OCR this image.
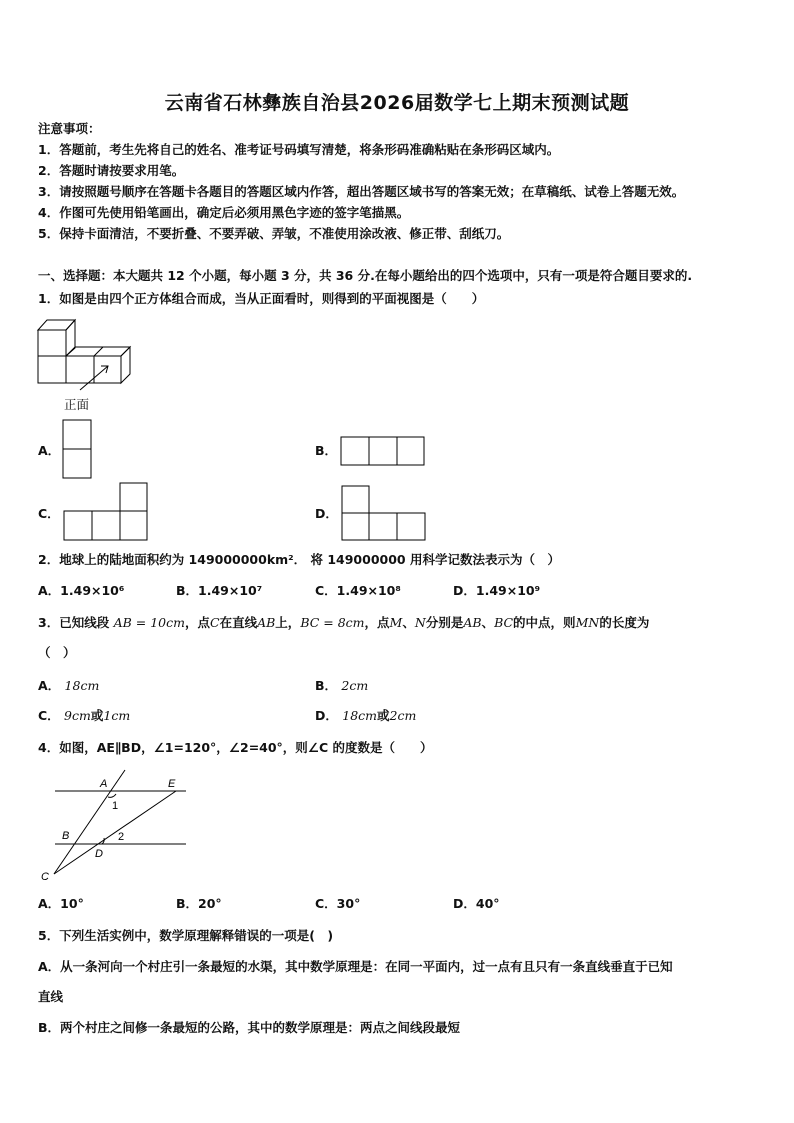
云南省石林彝族自治县2026届数学七上期末预测试题
注意事项：
1．答题前，考生先将自己的姓名、准考证号码填写清楚，将条形码准确粘贴在条形码区域内。
2．答题时请按要求用笔。
3．请按照题号顺序在答题卡各题目的答题区域内作答，超出答题区域书写的答案无效；在草稿纸、试卷上答题无效。
4．作图可先使用铅笔画出，确定后必须用黑色字迹的签字笔描黑。
5．保持卡面清洁，不要折叠、不要弄破、弄皱，不准使用涂改液、修正带、刮纸刀。
一、选择题：本大题共 12 个小题，每小题 3 分，共 36 分.在每小题给出的四个选项中，只有一项是符合题目要求的.
1．如图是由四个正方体组合而成，当从正面看时，则得到的平面视图是（　　）
正面
A．	B．
C．	D．
2．地球上的陆地面积约为 149000000km²． 将 149000000 用科学记数法表示为（　）
A．1.49×10⁶	B．1.49×10⁷	C．1.49×10⁸	D．1.49×10⁹
3．已知线段 AB = 10cm，点C在直线AB上，BC = 8cm，点M、N分别是AB、BC的中点，则MN的长度为
（　）
A． 18cm	B． 2cm
C． 9cm或1cm	D． 18cm或2cm
4．如图，AE∥BD，∠1=120°，∠2=40°，则∠C 的度数是（　　）
A	E
B
D
C
1
2
A．10°	B．20°	C．30°	D．40°
5．下列生活实例中，数学原理解释错误的一项是(　)
A．从一条河向一个村庄引一条最短的水渠，其中数学原理是：在同一平面内，过一点有且只有一条直线垂直于已知
直线
B．两个村庄之间修一条最短的公路，其中的数学原理是：两点之间线段最短
